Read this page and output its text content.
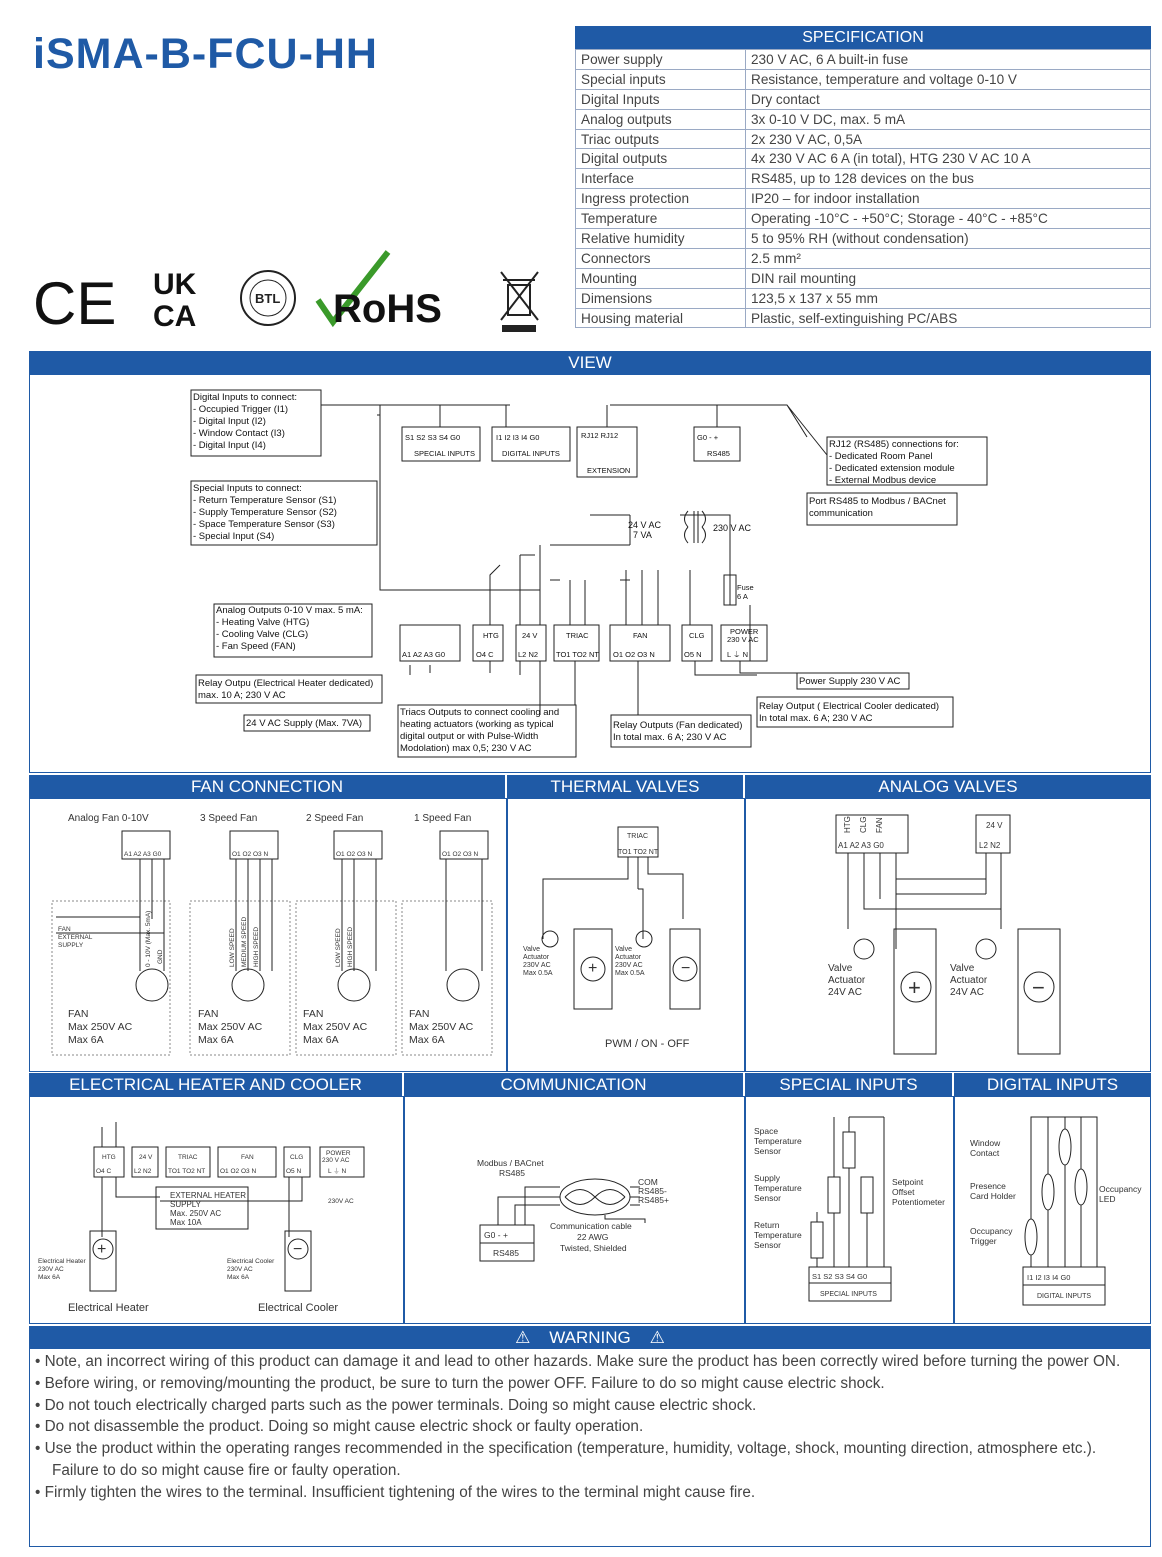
iSMA-B-FCU-HH	SPECIFICATION	
Power supply	230 V AC, 6 A built-in fuse
Special inputs	Resistance, temperature and voltage 0-10 V
Digital Inputs	Dry contact
Analog outputs	3x 0-10 V DC, max. 5 mA
Triac outputs	2x 230 V AC, 0,5A
Digital outputs	4x 230 V AC 6 A (in total), HTG 230 V AC 10 A
Interface	RS485, up to 128 devices on the bus
Ingress protection	IP20 – for indoor installation
Temperature	Operating -10°C - +50°C; Storage - 40°C - +85°C
Relative humidity	5 to 95% RH (without condensation)
Connectors	2.5 mm²
Mounting	DIN rail mounting
Dimensions	123,5 x 137 x 55 mm
Housing material	Plastic, self-extinguishing PC/ABS
CE UK
CA
BTL RoHS
VIEW
Digital Inputs to connect: - Occupied Trigger (I1) - Digital Input (I2) - Window Contact (I3) - Digital Input (I4)
Special Inputs to connect: - Return Temperature Sensor (S1) - Supply Temperature Sensor (S2) - Space Temperature Sensor (S3) - Special Input (S4)
Analog Outputs 0-10 V max. 5 mA: - Heating Valve (HTG) - Cooling Valve (CLG) - Fan Speed (FAN)
Relay Outpu (Electrical Heater dedicated) max. 10 A; 230 V AC
24 V AC Supply (Max. 7VA)
Triacs Outputs to connect cooling and heating actuators (working as typical digital output or with Pulse-Width Modolation) max 0,5; 230 V AC
Relay Outputs (Fan dedicated) In total max. 6 A; 230 V AC
Relay Output ( Electrical Cooler dedicated) In total max. 6 A; 230 V AC
Power Supply 230 V AC
RJ12 (RS485) connections for: - Dedicated Room Panel - Dedicated extension module - External Modbus device
Port RS485 to Modbus / BACnet communication
S1 S2 S3 S4 G0
SPECIAL INPUTS
I1 I2 I3 I4 G0
DIGITAL INPUTS
RJ12 RJ12
EXTENSION
G0 - +
RS485
A1 A2 A3 G0	O4 C
HTG
L2 N2
24 V
TO1 TO2 NT
TRIAC
O1 O2 O3 N
FAN
O5 N
CLG
L ⏚ N
POWER 230 V AC
Fuse 6 A
24 V AC 7 VA
230 V AC
FAN CONNECTION	THERMAL VALVES	ANALOG VALVES
Analog Fan 0-10V	3 Speed Fan	2 Speed Fan	1 Speed Fan
A1 A2 A3 G0	O1 O2 O3 N	O1 O2 O3 N	O1 O2 O3 N
FAN EXTERNAL SUPPLY	0 - 10V (Max. 5mA) GND	LOW SPEED MEDIUM SPEED HIGH SPEED	LOW SPEED HIGH SPEED
FAN Max 250V AC Max 6A
FAN Max 250V AC Max 6A
FAN Max 250V AC Max 6A
FAN Max 250V AC Max 6A
TRIAC
TO1 TO2 NT
Valve Actuator 230V AC Max 0.5A
Valve Actuator 230V AC Max 0.5A
+	−
PWM / ON - OFF
A1 A2 A3 G0
HTG CLG FAN	24 V
L2 N2
Valve Actuator 24V AC
Valve Actuator 24V AC
+	−
ELECTRICAL HEATER AND COOLER	COMMUNICATION	SPECIAL INPUTS	DIGITAL INPUTS
HTG
O4 C
24 V
L2 N2
TRIAC
TO1 TO2 NT
FAN
O1 O2 O3 N
CLG
O5 N
POWER 230 V AC
L ⏚ N
230V AC
EXTERNAL HEATER SUPPLY Max. 250V AC Max 10A
Electrical Heater 230V AC Max 6A
Electrical Cooler 230V AC Max 6A
+	−
Electrical Heater	Electrical Cooler
Modbus / BACnet RS485
COM RS485-RS485+
Communication cable 22 AWG Twisted, Shielded
G0 - +
RS485
Space Temperature Sensor
Supply Temperature Sensor
Return Temperature Sensor
Setpoint Offset Potentiometer
S1 S2 S3 S4 G0
SPECIAL INPUTS
Window Contact
Presence Card Holder
Occupancy Trigger
Occupancy LED
I1 I2 I3 I4 G0
DIGITAL INPUTS
⚠ WARNING ⚠

• Note, an incorrect wiring of this product can damage it and lead to other hazards. Make sure the product has been correctly wired before turning the power ON.

• Before wiring, or removing/mounting the product, be sure to turn the power OFF. Failure to do so might cause electric shock.

• Do not touch electrically charged parts such as the power terminals. Doing so might cause electric shock.

• Do not disassemble the product. Doing so might cause electric shock or faulty operation.

• Use the product within the operating ranges recommended in the specification (temperature, humidity, voltage, shock, mounting direction, atmosphere etc.).

Failure to do so might cause fire or faulty operation.

• Firmly tighten the wires to the terminal. Insufficient tightening of the wires to the terminal might cause fire.
